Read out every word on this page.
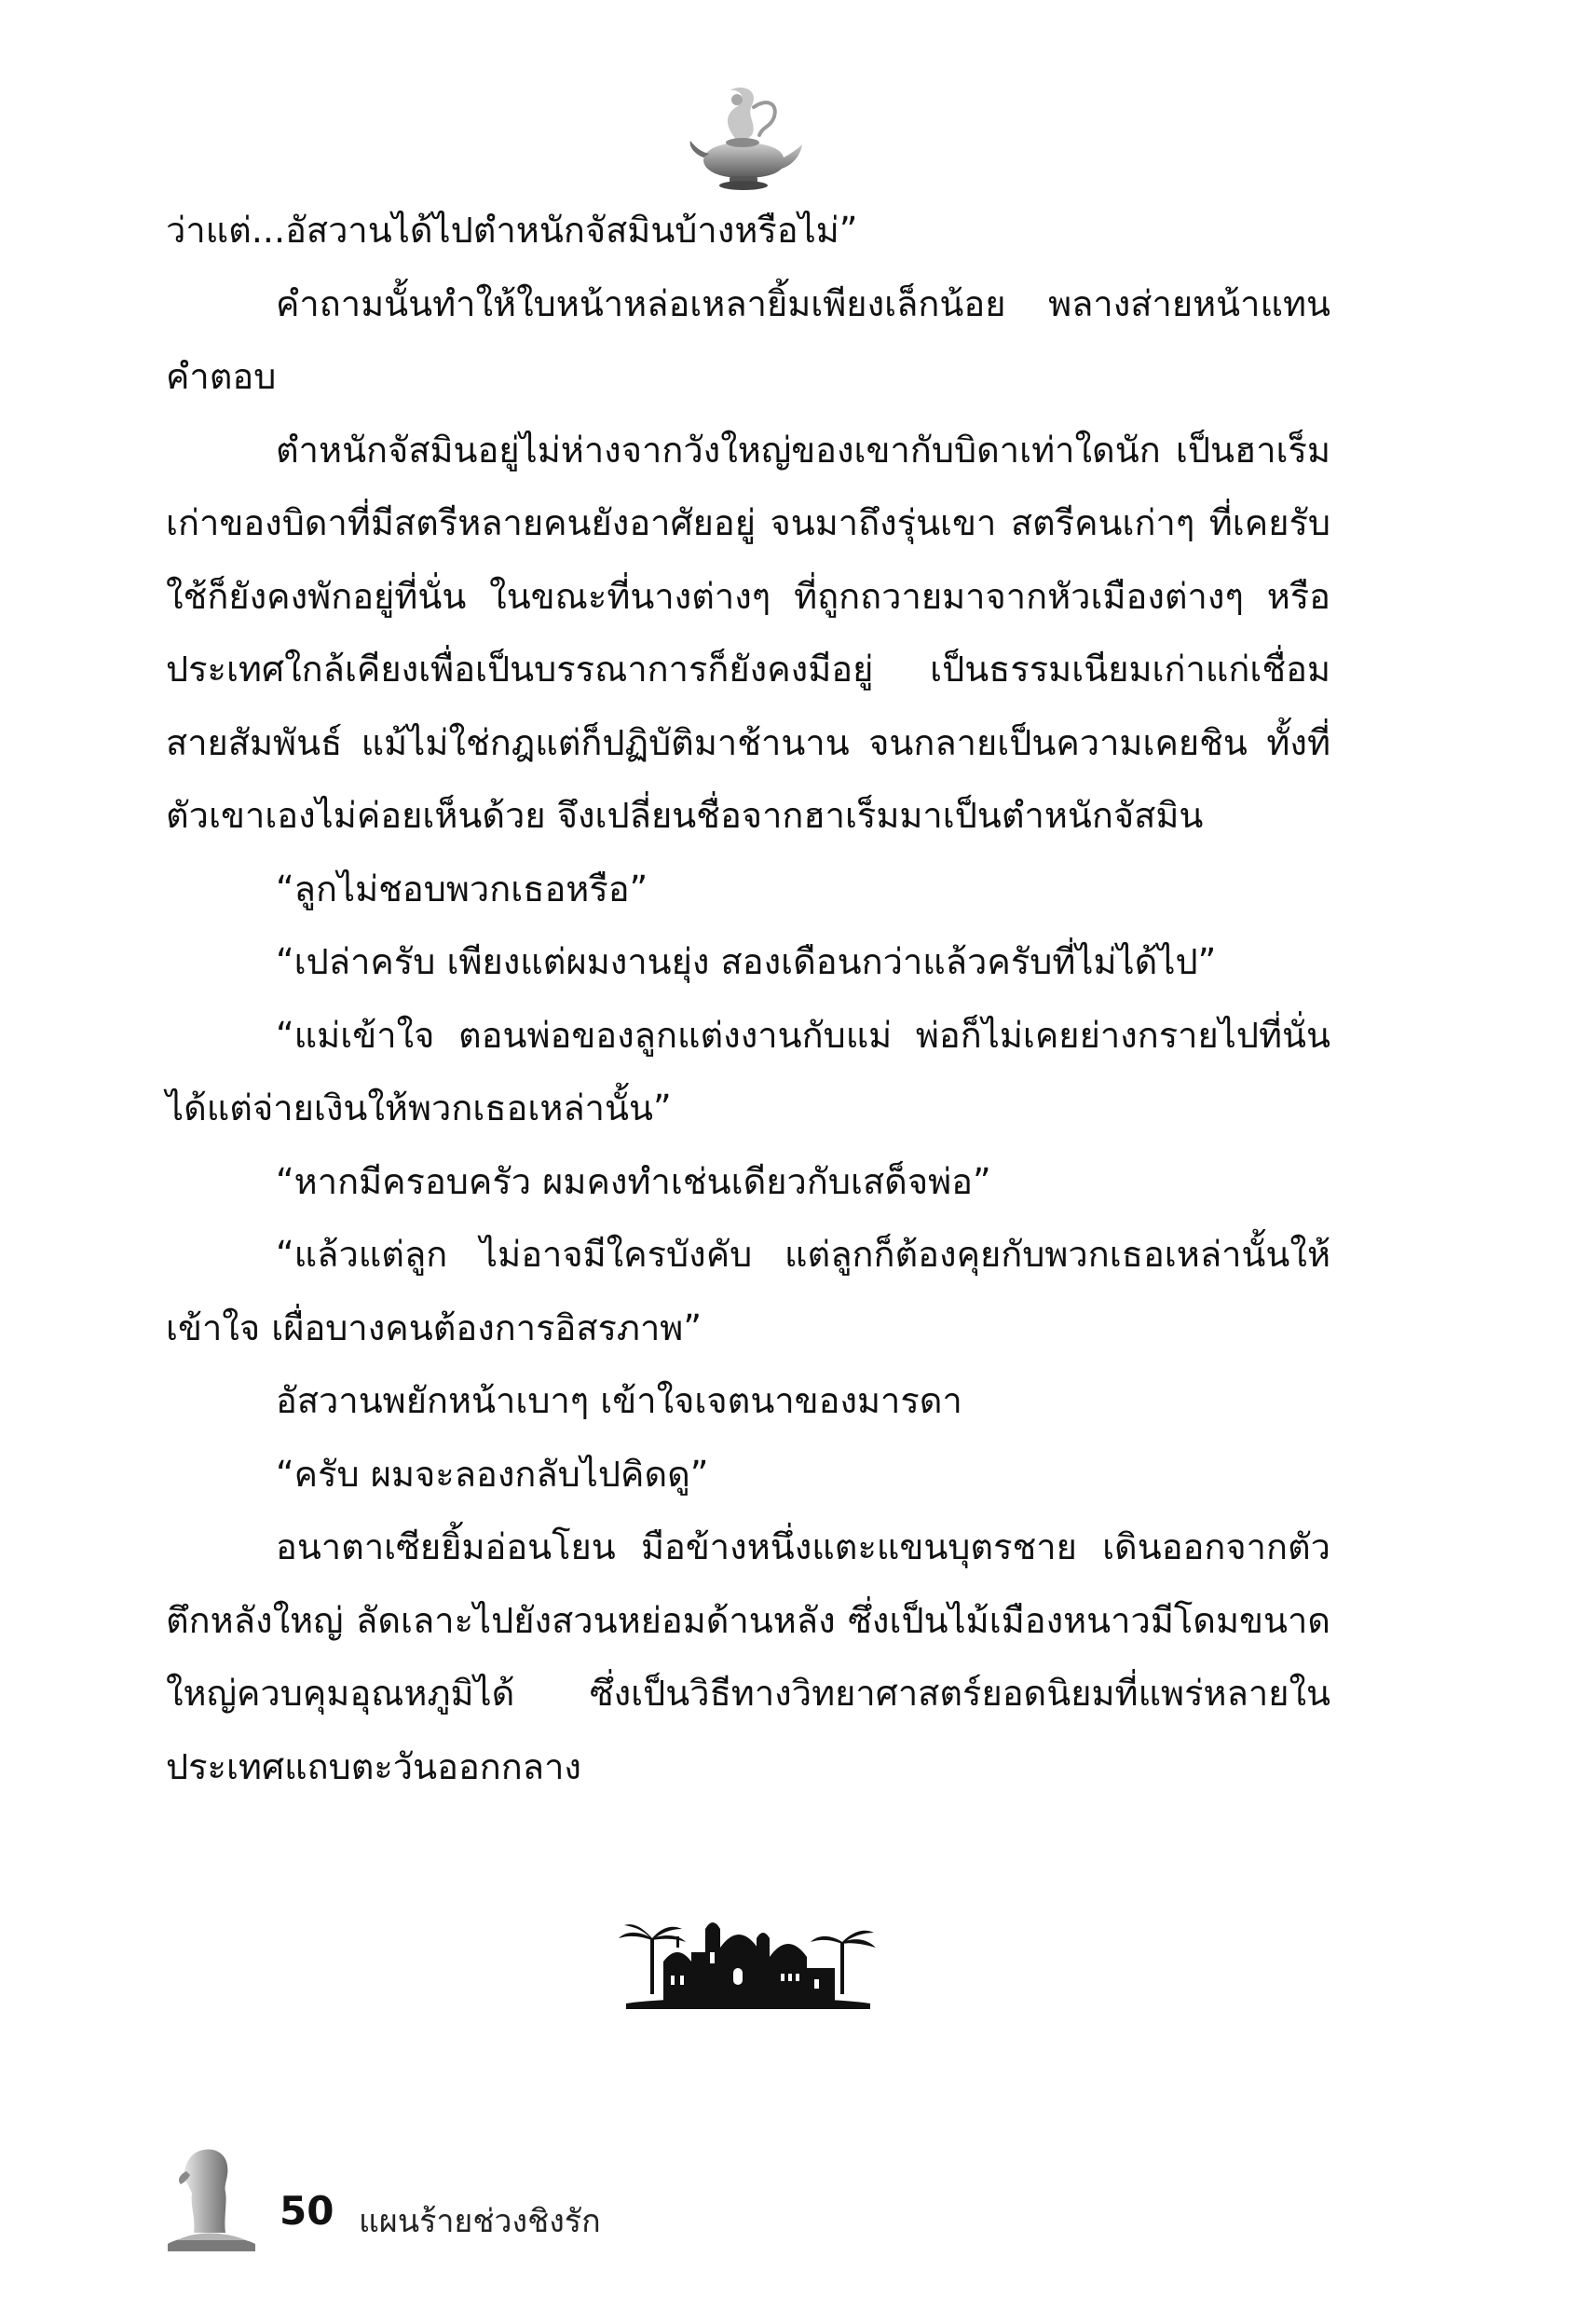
ว่าแต่...อัสวานได้ไปตำหนักจัสมินบ้างหรือไม่”

คำถามนั้นทำให้ใบหน้าหล่อเหลายิ้มเพียงเล็กน้อย พลางส่ายหน้าแทนคำตอบ

ตำหนักจัสมินอยู่ไม่ห่างจากวังใหญ่ของเขากับบิดาเท่าใดนัก เป็นฮาเร็มเก่าของบิดาที่มีสตรีหลายคนยังอาศัยอยู่ จนมาถึงรุ่นเขา สตรีคนเก่าๆ ที่เคยรับใช้ก็ยังคงพักอยู่ที่นั่น ในขณะที่นางต่างๆ ที่ถูกถวายมาจากหัวเมืองต่างๆ หรือประเทศใกล้เคียงเพื่อเป็นบรรณาการก็ยังคงมีอยู่ เป็นธรรมเนียมเก่าแก่เชื่อมสายสัมพันธ์ แม้ไม่ใช่กฎแต่ก็ปฏิบัติมาช้านาน จนกลายเป็นความเคยชิน ทั้งที่ตัวเขาเองไม่ค่อยเห็นด้วย จึงเปลี่ยนชื่อจากฮาเร็มมาเป็นตำหนักจัสมิน

“ลูกไม่ชอบพวกเธอหรือ”

“เปล่าครับ เพียงแต่ผมงานยุ่ง สองเดือนกว่าแล้วครับที่ไม่ได้ไป”

“แม่เข้าใจ ตอนพ่อของลูกแต่งงานกับแม่ พ่อก็ไม่เคยย่างกรายไปที่นั่น ได้แต่จ่ายเงินให้พวกเธอเหล่านั้น”

“หากมีครอบครัว ผมคงทำเช่นเดียวกับเสด็จพ่อ”

“แล้วแต่ลูก ไม่อาจมีใครบังคับ แต่ลูกก็ต้องคุยกับพวกเธอเหล่านั้นให้เข้าใจ เผื่อบางคนต้องการอิสรภาพ”

อัสวานพยักหน้าเบาๆ เข้าใจเจตนาของมารดา

“ครับ ผมจะลองกลับไปคิดดู”

อนาตาเซียยิ้มอ่อนโยน มือข้างหนึ่งแตะแขนบุตรชาย เดินออกจากตัวตึกหลังใหญ่ ลัดเลาะไปยังสวนหย่อมด้านหลัง ซึ่งเป็นไม้เมืองหนาวมีโดมขนาดใหญ่ควบคุมอุณหภูมิได้ ซึ่งเป็นวิธีทางวิทยาศาสตร์ยอดนิยมที่แพร่หลายในประเทศแถบตะวันออกกลาง

50 แผนร้ายช่วงชิงรัก
